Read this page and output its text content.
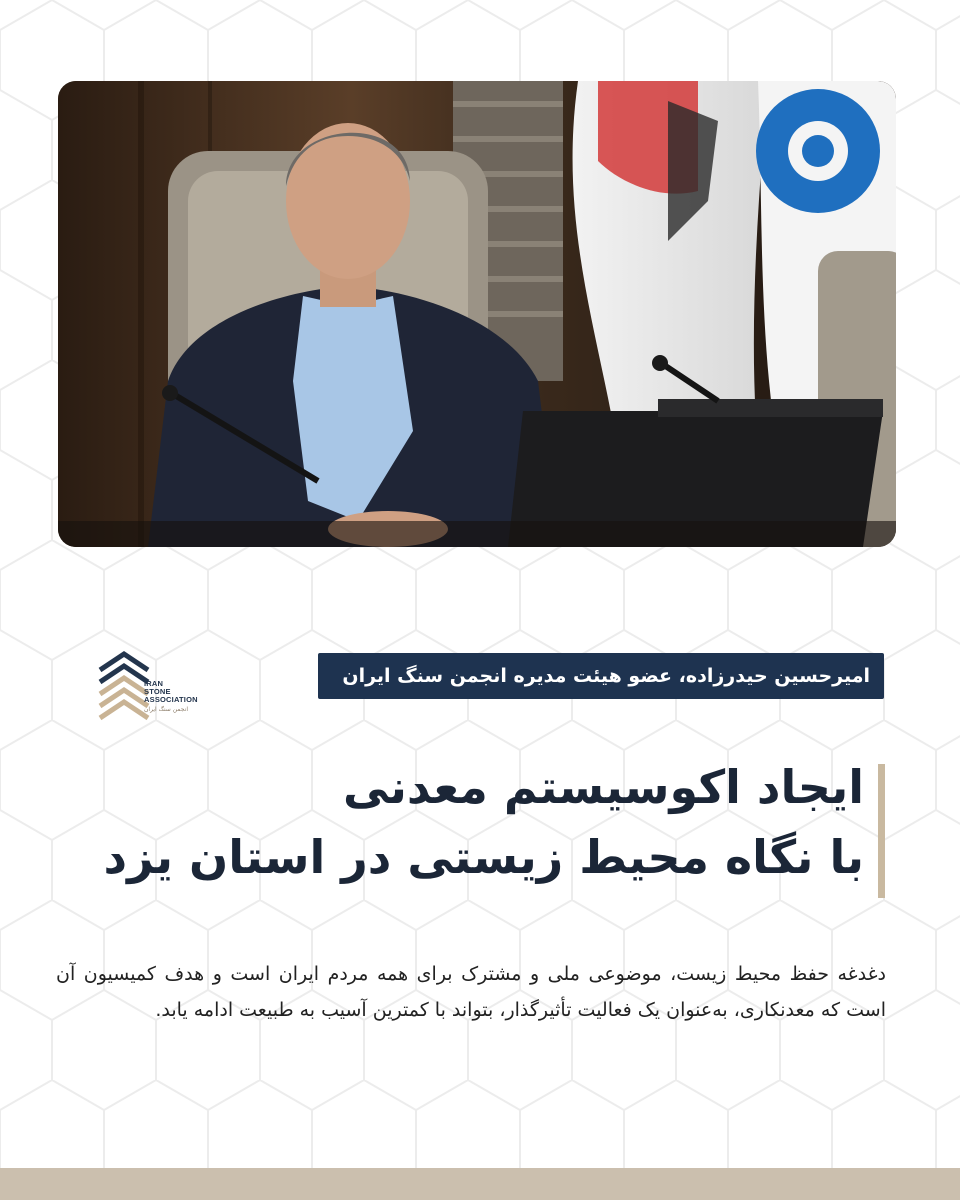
IRAN
STONE
ASSOCIATION
انجمن سنگ ایران
امیرحسین حیدرزاده، عضو هیئت مدیره انجمن سنگ ایران
ایجاد اکوسیستم معدنی
با نگاه محیط زیستی در استان یزد
دغدغه حفظ محیط زیست، موضوعی ملی و مشترک برای همه مردم ایران است و هدف کمیسیون آن است که معدنکاری، به‌عنوان یک فعالیت تأثیرگذار، بتواند با کمترین آسیب به طبیعت ادامه یابد.
